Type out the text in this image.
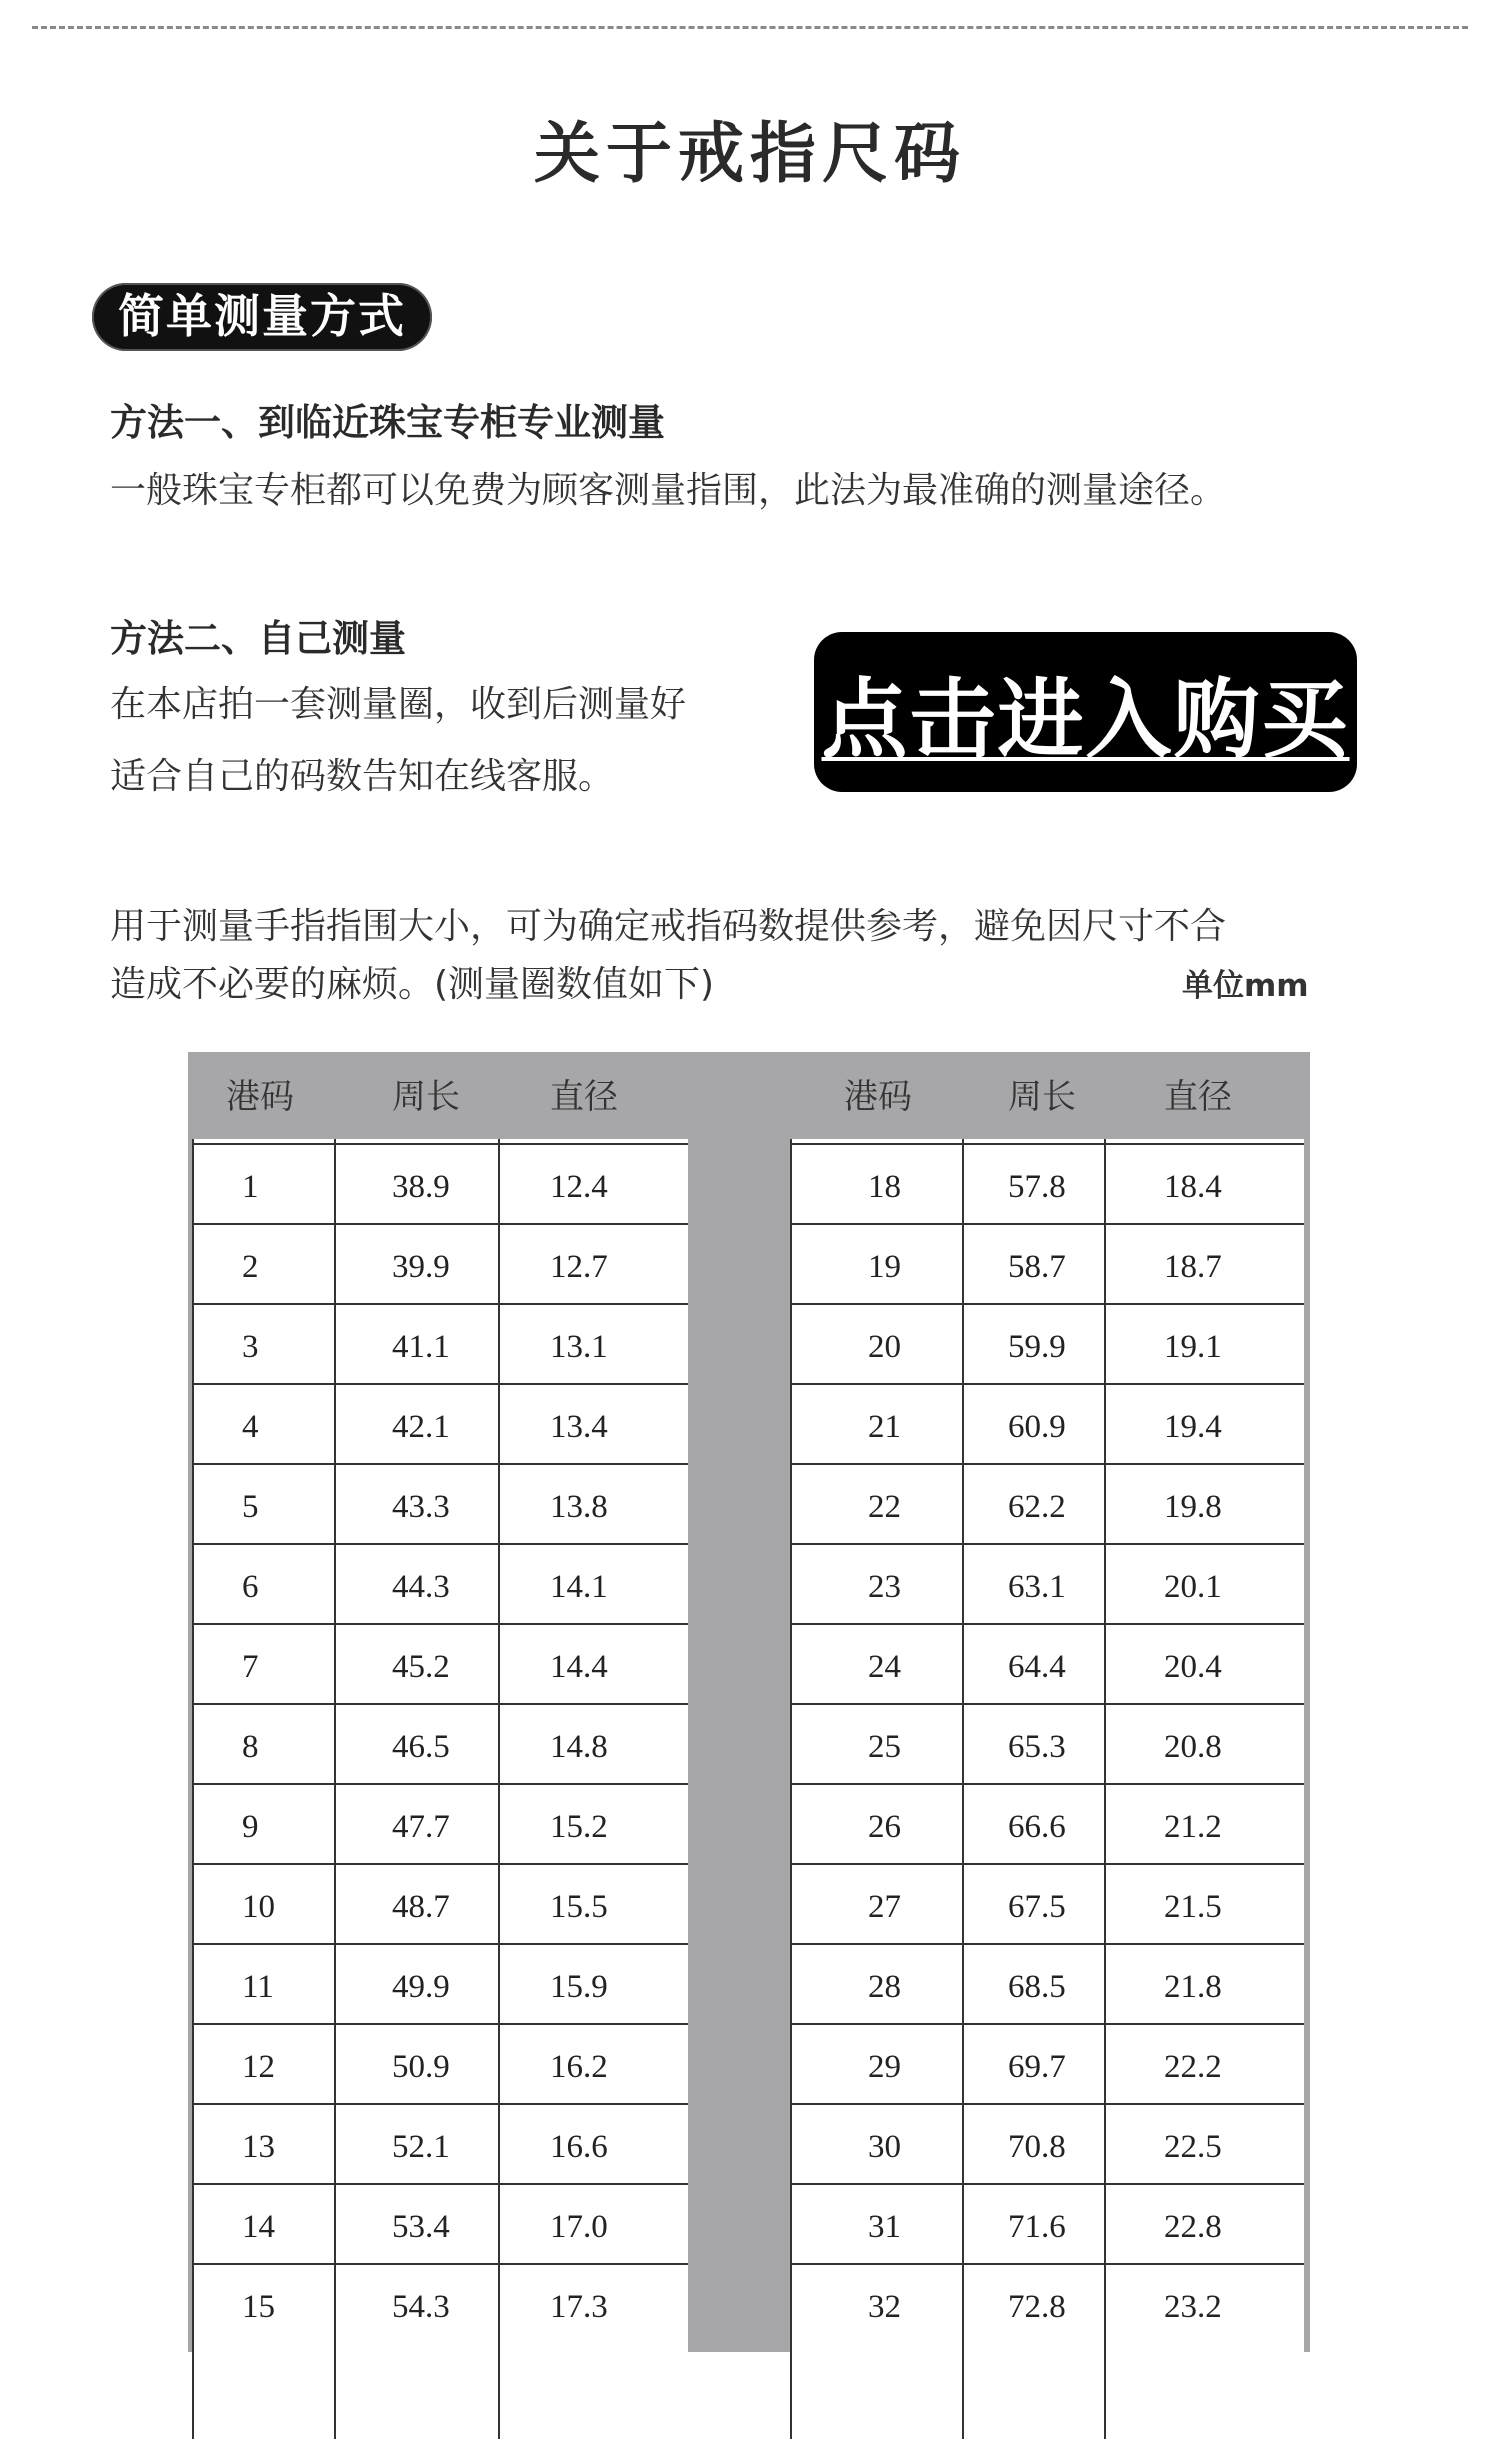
关于戒指尺码
简单测量方式
方法一、到临近珠宝专柜专业测量
一般珠宝专柜都可以免费为顾客测量指围，此法为最准确的测量途径。
方法二、自己测量
在本店拍一套测量圈，收到后测量好
适合自己的码数告知在线客服。
点击进入购买
用于测量手指指围大小，可为确定戒指码数提供参考，避免因尺寸不合
造成不必要的麻烦。(测量圈数值如下)	单位mm
港码	周长	直径
1	38.9	12.4
2	39.9	12.7
3	41.1	13.1
4	42.1	13.4
5	43.3	13.8
6	44.3	14.1
7	45.2	14.4
8	46.5	14.8
9	47.7	15.2
10	48.7	15.5
11	49.9	15.9
12	50.9	16.2
13	52.1	16.6
14	53.4	17.0
15	54.3	17.3
港码	周长	直径
18	57.8	18.4
19	58.7	18.7
20	59.9	19.1
21	60.9	19.4
22	62.2	19.8
23	63.1	20.1
24	64.4	20.4
25	65.3	20.8
26	66.6	21.2
27	67.5	21.5
28	68.5	21.8
29	69.7	22.2
30	70.8	22.5
31	71.6	22.8
32	72.8	23.2
